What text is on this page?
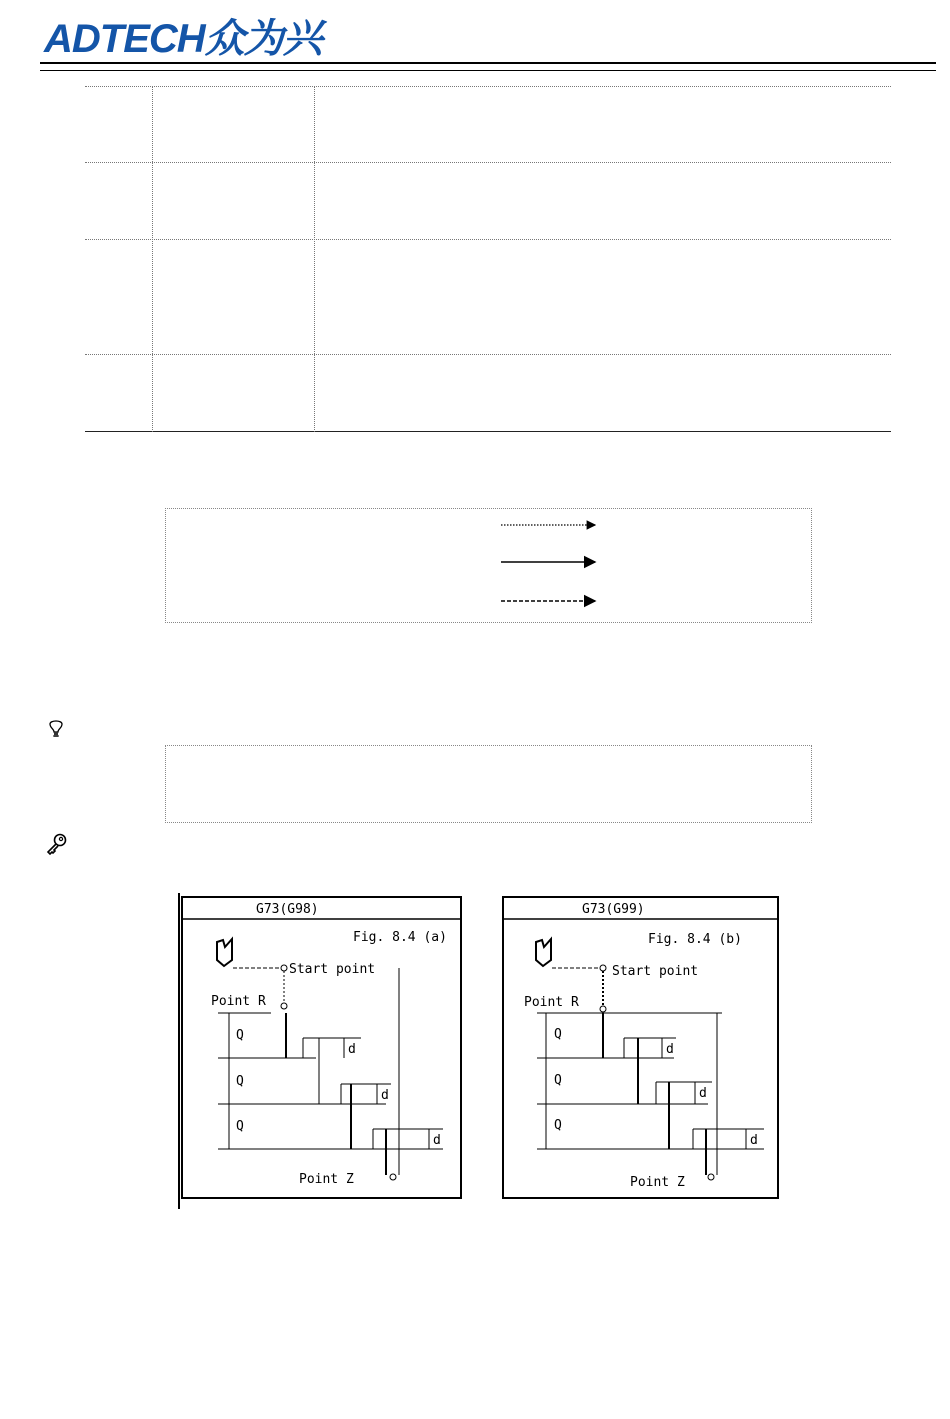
ADTECH众为兴
G73(G98)
Fig. 8.4 (a)
Start point
Point R
Q
Q
Q
d
d
d
Point Z
G73(G99)
Fig. 8.4 (b)
Start point
Point R
Q
Q
Q
d
d
d
Point Z
